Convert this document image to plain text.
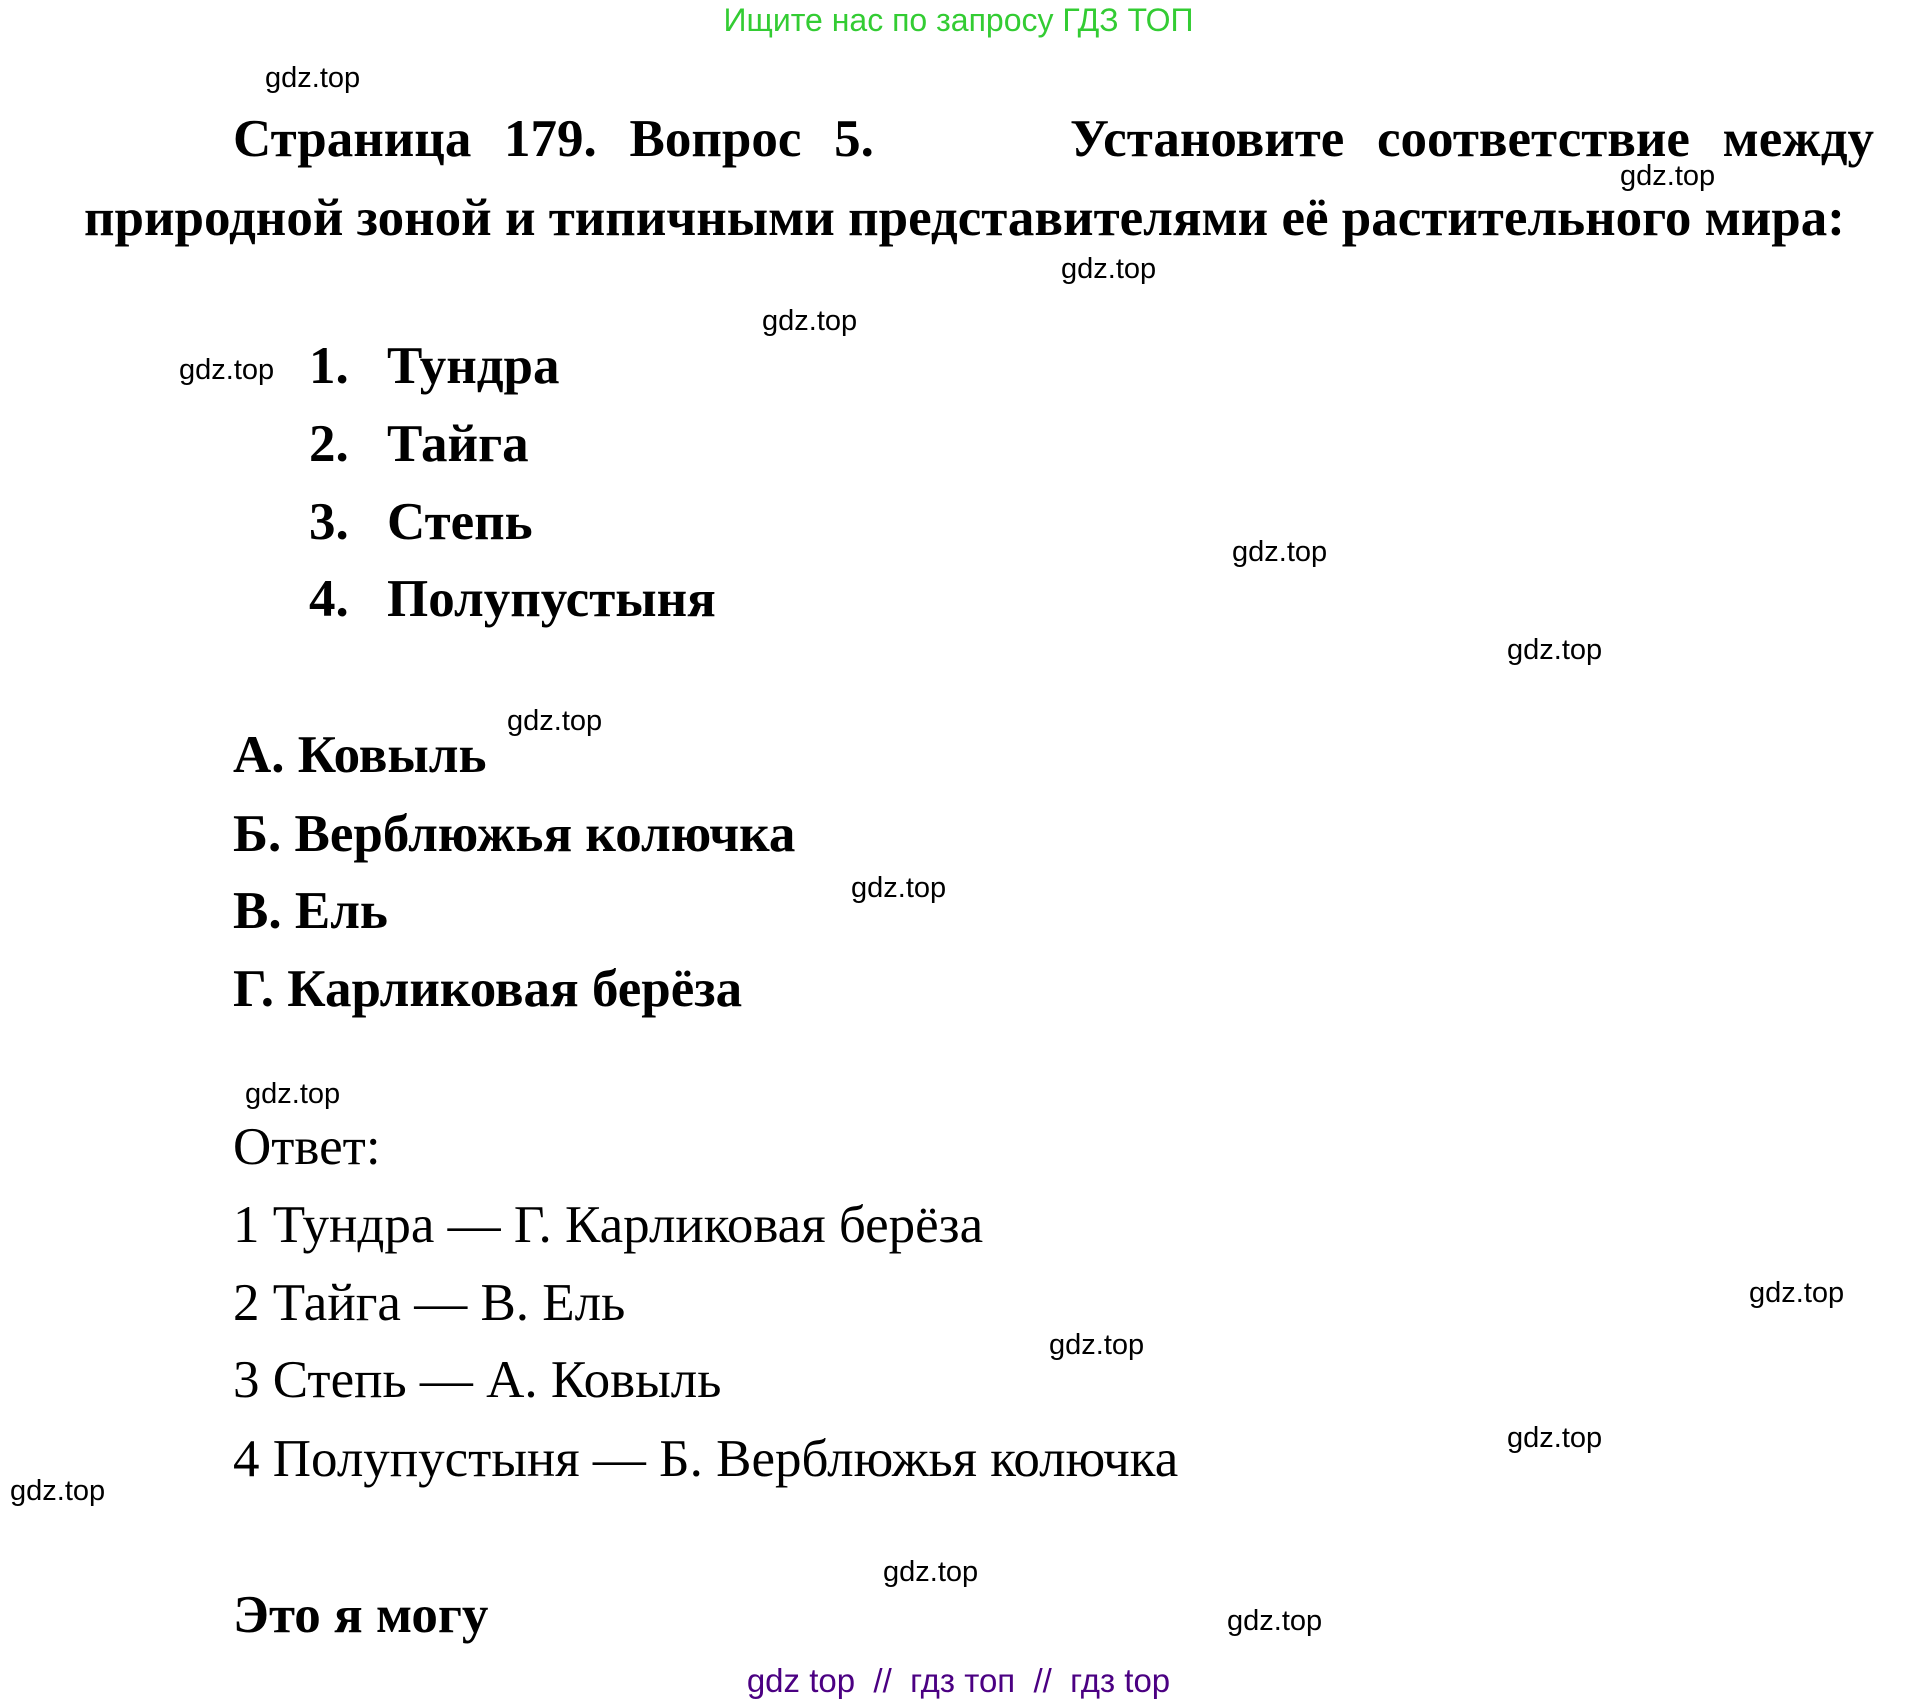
Ищите нас по запросу ГДЗ ТОП
Страница 179. Вопрос 5.      Установите соответствие между природной зоной и типичными представителями её растительного мира:
1. Тундра
2. Тайга
3. Степь
4. Полупустыня
А. Ковыль
Б. Верблюжья колючка
В. Ель
Г. Карликовая берёза
Ответ:
1 Тундра — Г. Карликовая берёза
2 Тайга — В. Ель
3 Степь — А. Ковыль
4 Полупустыня — Б. Верблюжья колючка
Это я могу
gdz.top
gdz.top
gdz.top
gdz.top
gdz.top
gdz.top
gdz.top
gdz.top
gdz.top
gdz.top
gdz.top
gdz.top
gdz.top
gdz.top
gdz.top
gdz.top
gdz top  //  гдз топ  //  гдз top
